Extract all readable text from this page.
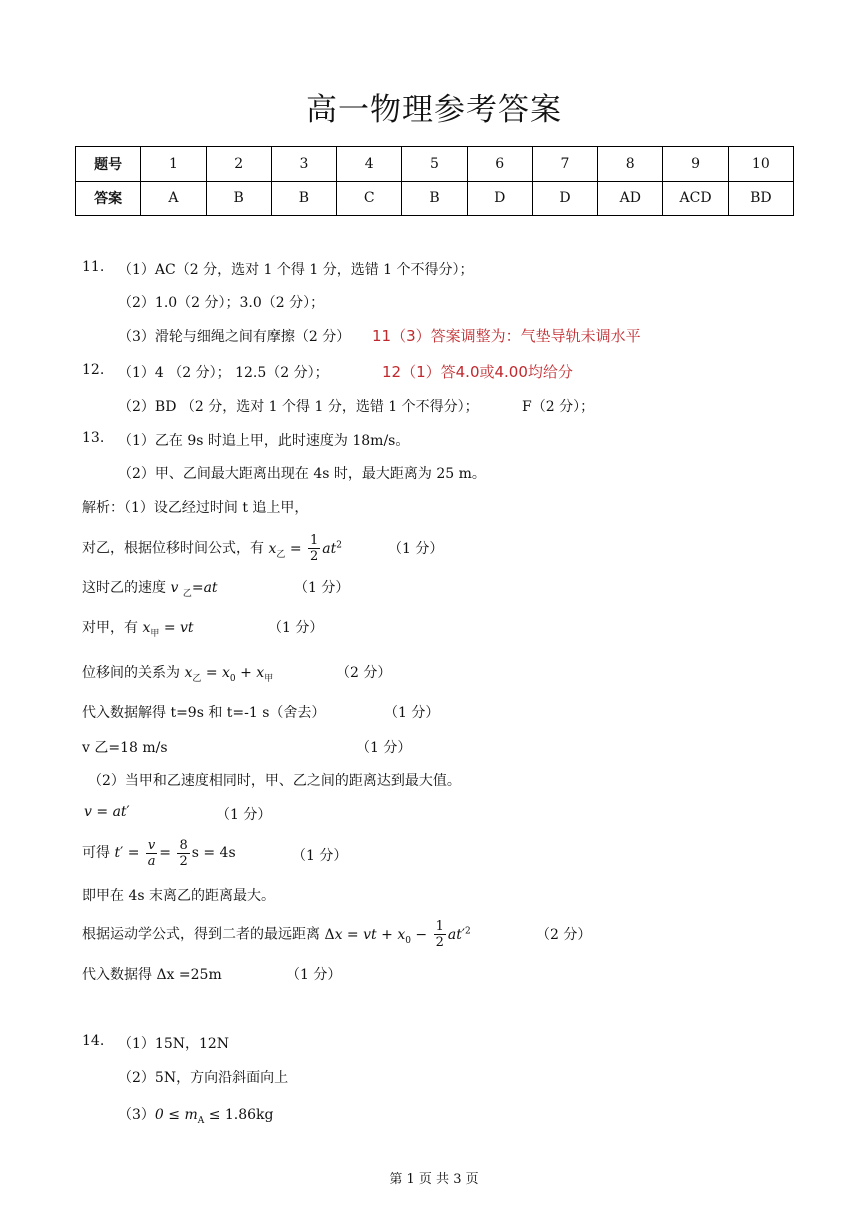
高一物理参考答案
题号	1	2	3	4	5	6	7	8	9	10
答案	A	B	B	C	B	D	D	AD	ACD	BD
11. （1）AC（2 分，选对 1 个得 1 分，选错 1 个不得分）；
（2）1.0（2 分）；3.0（2 分）；
（3）滑轮与细绳之间有摩擦（2 分） 11（3）答案调整为：气垫导轨未调水平
12. （1）4 （2 分）； 12.5（2 分）；	12（1）答4.0或4.00均给分
（2）BD （2 分，选对 1 个得 1 分，选错 1 个不得分）；	F（2 分）；
13. （1）乙在 9s 时追上甲，此时速度为 18m/s。
（2）甲、乙间最大距离出现在 4s 时，最大距离为 25 m。
解析：（1）设乙经过时间 t 追上甲，
对乙，根据位移时间公式，有 $x_乙 = \frac{1}{2} at^2$	（1 分）
这时乙的速度 v $_乙$=at	（1 分）
对甲，有 $x_甲$ = vt	（1 分）
位移间的关系为 $x_乙 = x_0 + x_甲$	（2 分）
代入数据解得 t=9s 和 t=-1 s（舍去）	（1 分）
v 乙=18 m/s	（1 分）
（2）当甲和乙速度相同时，甲、乙之间的距离达到最大值。
v = at′	（1 分）
可得 $t' = \frac{v}{a} = \frac{8}{2}$ s = 4s	（1 分）
即甲在 4s 末离乙的距离最大。
根据运动学公式，得到二者的最远距离 Δx = vt + $x_0 - \frac{1}{2} at'^2$	（2 分）
代入数据得 Δx =25m	（1 分）
14. （1）15N，12N
（2）5N，方向沿斜面向上
$(3)0 \le m_A \le 1.86kg$
第 1 页 共 3 页
